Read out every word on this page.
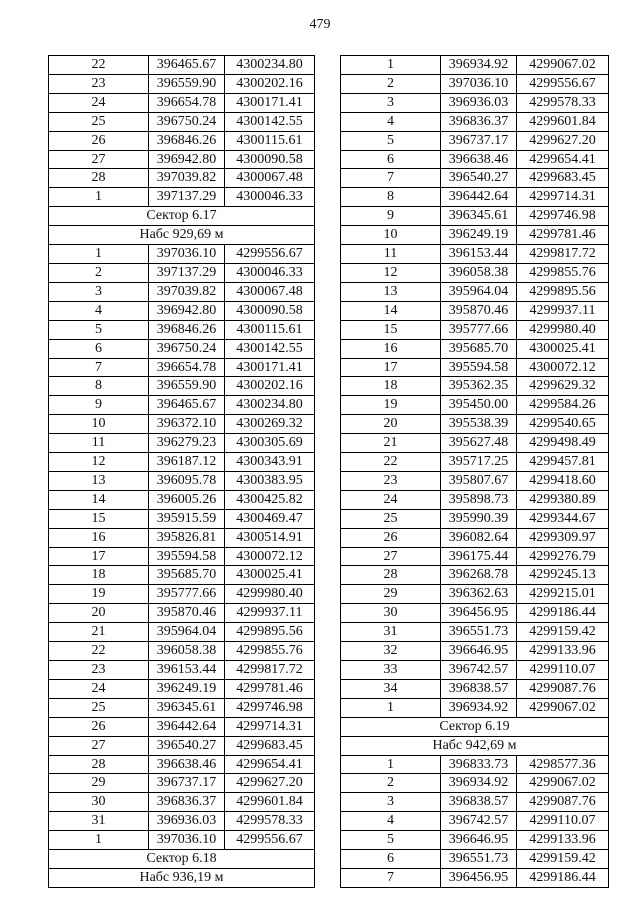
479
22	396465.67	4300234.80
23	396559.90	4300202.16
24	396654.78	4300171.41
25	396750.24	4300142.55
26	396846.26	4300115.61
27	396942.80	4300090.58
28	397039.82	4300067.48
1	397137.29	4300046.33
Сектор 6.17		
Набс 929,69 м		
1	397036.10	4299556.67
2	397137.29	4300046.33
3	397039.82	4300067.48
4	396942.80	4300090.58
5	396846.26	4300115.61
6	396750.24	4300142.55
7	396654.78	4300171.41
8	396559.90	4300202.16
9	396465.67	4300234.80
10	396372.10	4300269.32
11	396279.23	4300305.69
12	396187.12	4300343.91
13	396095.78	4300383.95
14	396005.26	4300425.82
15	395915.59	4300469.47
16	395826.81	4300514.91
17	395594.58	4300072.12
18	395685.70	4300025.41
19	395777.66	4299980.40
20	395870.46	4299937.11
21	395964.04	4299895.56
22	396058.38	4299855.76
23	396153.44	4299817.72
24	396249.19	4299781.46
25	396345.61	4299746.98
26	396442.64	4299714.31
27	396540.27	4299683.45
28	396638.46	4299654.41
29	396737.17	4299627.20
30	396836.37	4299601.84
31	396936.03	4299578.33
1	397036.10	4299556.67
Сектор 6.18		
Набс 936,19 м		
1	396934.92	4299067.02
2	397036.10	4299556.67
3	396936.03	4299578.33
4	396836.37	4299601.84
5	396737.17	4299627.20
6	396638.46	4299654.41
7	396540.27	4299683.45
8	396442.64	4299714.31
9	396345.61	4299746.98
10	396249.19	4299781.46
11	396153.44	4299817.72
12	396058.38	4299855.76
13	395964.04	4299895.56
14	395870.46	4299937.11
15	395777.66	4299980.40
16	395685.70	4300025.41
17	395594.58	4300072.12
18	395362.35	4299629.32
19	395450.00	4299584.26
20	395538.39	4299540.65
21	395627.48	4299498.49
22	395717.25	4299457.81
23	395807.67	4299418.60
24	395898.73	4299380.89
25	395990.39	4299344.67
26	396082.64	4299309.97
27	396175.44	4299276.79
28	396268.78	4299245.13
29	396362.63	4299215.01
30	396456.95	4299186.44
31	396551.73	4299159.42
32	396646.95	4299133.96
33	396742.57	4299110.07
34	396838.57	4299087.76
1	396934.92	4299067.02
Сектор 6.19		
Набс 942,69 м		
1	396833.73	4298577.36
2	396934.92	4299067.02
3	396838.57	4299087.76
4	396742.57	4299110.07
5	396646.95	4299133.96
6	396551.73	4299159.42
7	396456.95	4299186.44
